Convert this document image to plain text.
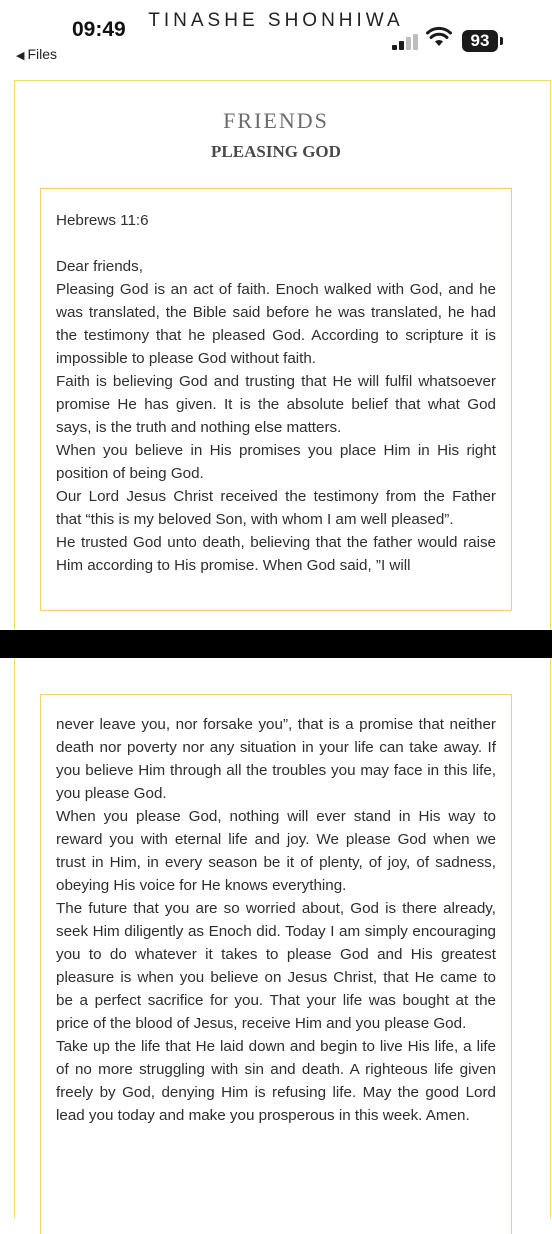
09:49
◀ Files
93
TINASHE SHONHIWA
FRIENDS
PLEASING GOD

Hebrews 11:6

Dear friends,

Pleasing God is an act of faith. Enoch walked with God, and he was translated, the Bible said before he was translated, he had the testimony that he pleased God. According to scripture it is impossible to please God without faith.

Faith is believing God and trusting that He will fulfil whatsoever promise He has given. It is the absolute belief that what God says, is the truth and nothing else matters.

When you believe in His promises you place Him in His right position of being God.

Our Lord Jesus Christ received the testimony from the Father that “this is my beloved Son, with whom I am well pleased”.

He trusted God unto death, believing that the father would raise Him according to His promise. When God said, ”I will

never leave you, nor forsake you”, that is a promise that neither death nor poverty nor any situation in your life can take away. If you believe Him through all the troubles you may face in this life, you please God.

When you please God, nothing will ever stand in His way to reward you with eternal life and joy. We please God when we trust in Him, in every season be it of plenty, of joy, of sadness, obeying His voice for He knows everything.

The future that you are so worried about, God is there already, seek Him diligently as Enoch did. Today I am simply encouraging you to do whatever it takes to please God and His greatest pleasure is when you believe on Jesus Christ, that He came to be a perfect sacrifice for you. That your life was bought at the price of the blood of Jesus, receive Him and you please God.

Take up the life that He laid down and begin to live His life, a life of no more struggling with sin and death. A righteous life given freely by God, denying Him is refusing life. May the good Lord lead you today and make you prosperous in this week. Amen.
